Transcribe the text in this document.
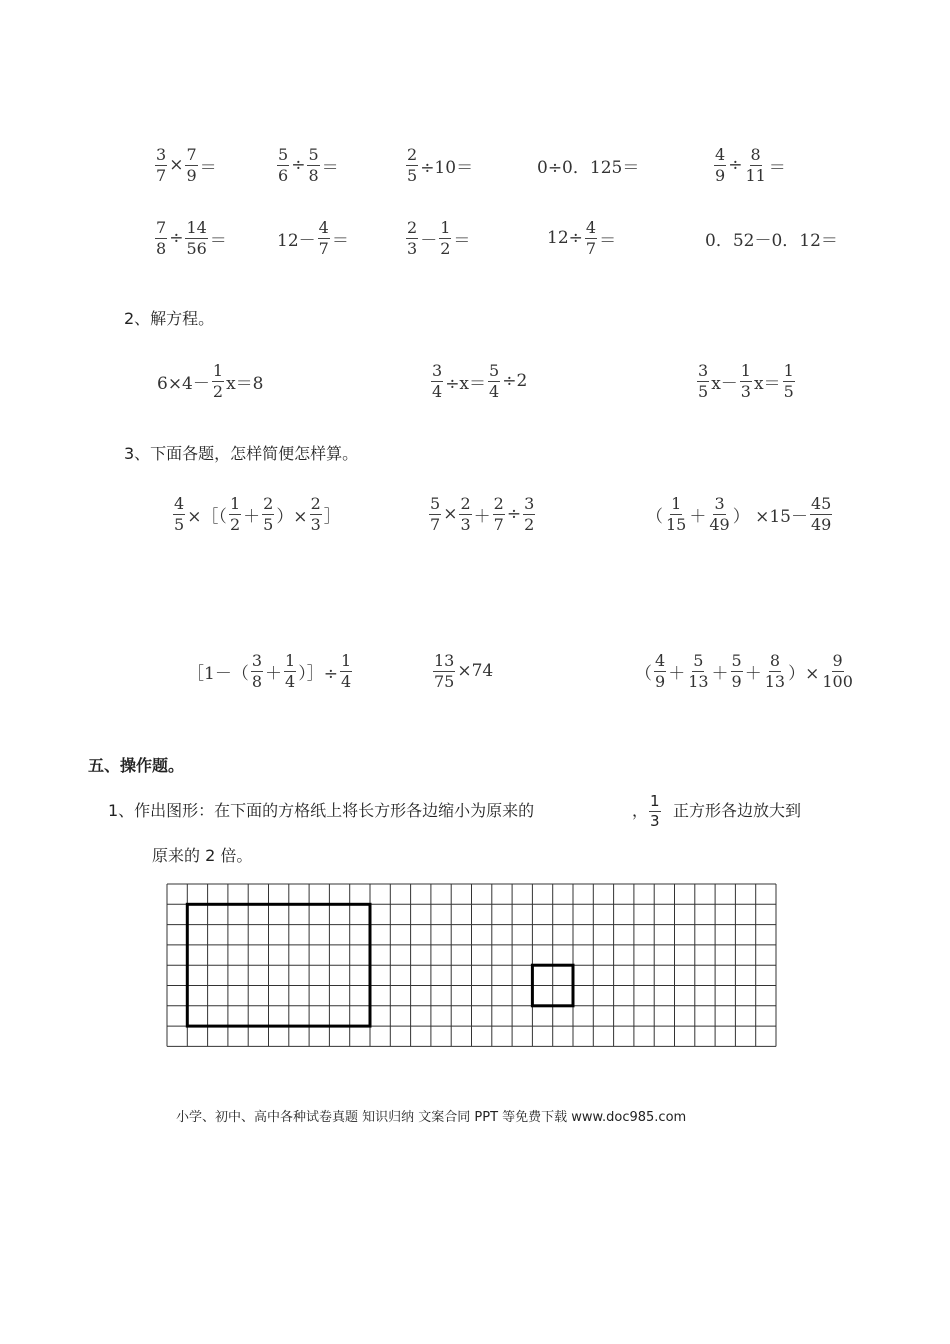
$\frac{3}{7} \times \frac{7}{9}$ ＝	$\frac{5}{6} \div \frac{5}{8}$ ＝	$\frac{2}{5} \div 10=$	0÷0．125＝	$\frac{4}{9} \div \frac{8}{11}$ ＝
$\frac{7}{8} \div \frac{14}{56}$ ＝	$12- \frac{4}{7}$ ＝	$\frac{2}{3} - \frac{1}{2}$ ＝	$12\div \frac{4}{7}$ ＝	0．52－0．12＝
2、解方程。
$6\times 4- \frac{1}{2} x=8$	$\frac{3}{4} \div x= \frac{5}{4} \div 2$	$\frac{3}{5} x- \frac{1}{3} x= \frac{1}{5}$
3、下面各题，怎样简便怎样算。
$\frac{4}{5}$ ×［（ $\frac{1}{2} + \frac{2}{5}$ ）× $\frac{2}{3}$ ］	$\frac{5}{7} \times \frac{2}{3} + \frac{2}{7} \div \frac{3}{2}$	（ $\frac{1}{15} + \frac{3}{49}$ ） $\times 15- \frac{45}{49}$
［1－（ $\frac{3}{8} + \frac{1}{4}$ ）］÷ $\frac{1}{4}$	$\frac{13}{75} \times 74$	（ $\frac{4}{9} + \frac{5}{13} + \frac{5}{9} + \frac{8}{13}$ ）× $\frac{9}{100}$
五、操作题。
1、作出图形：在下面的方格纸上将长方形各边缩小为原来的	， $\frac{1}{3}$ 正方形各边放大到
原来的 2 倍。
小学、初中、高中各种试卷真题 知识归纳 文案合同 PPT 等免费下载 www.doc985.com
